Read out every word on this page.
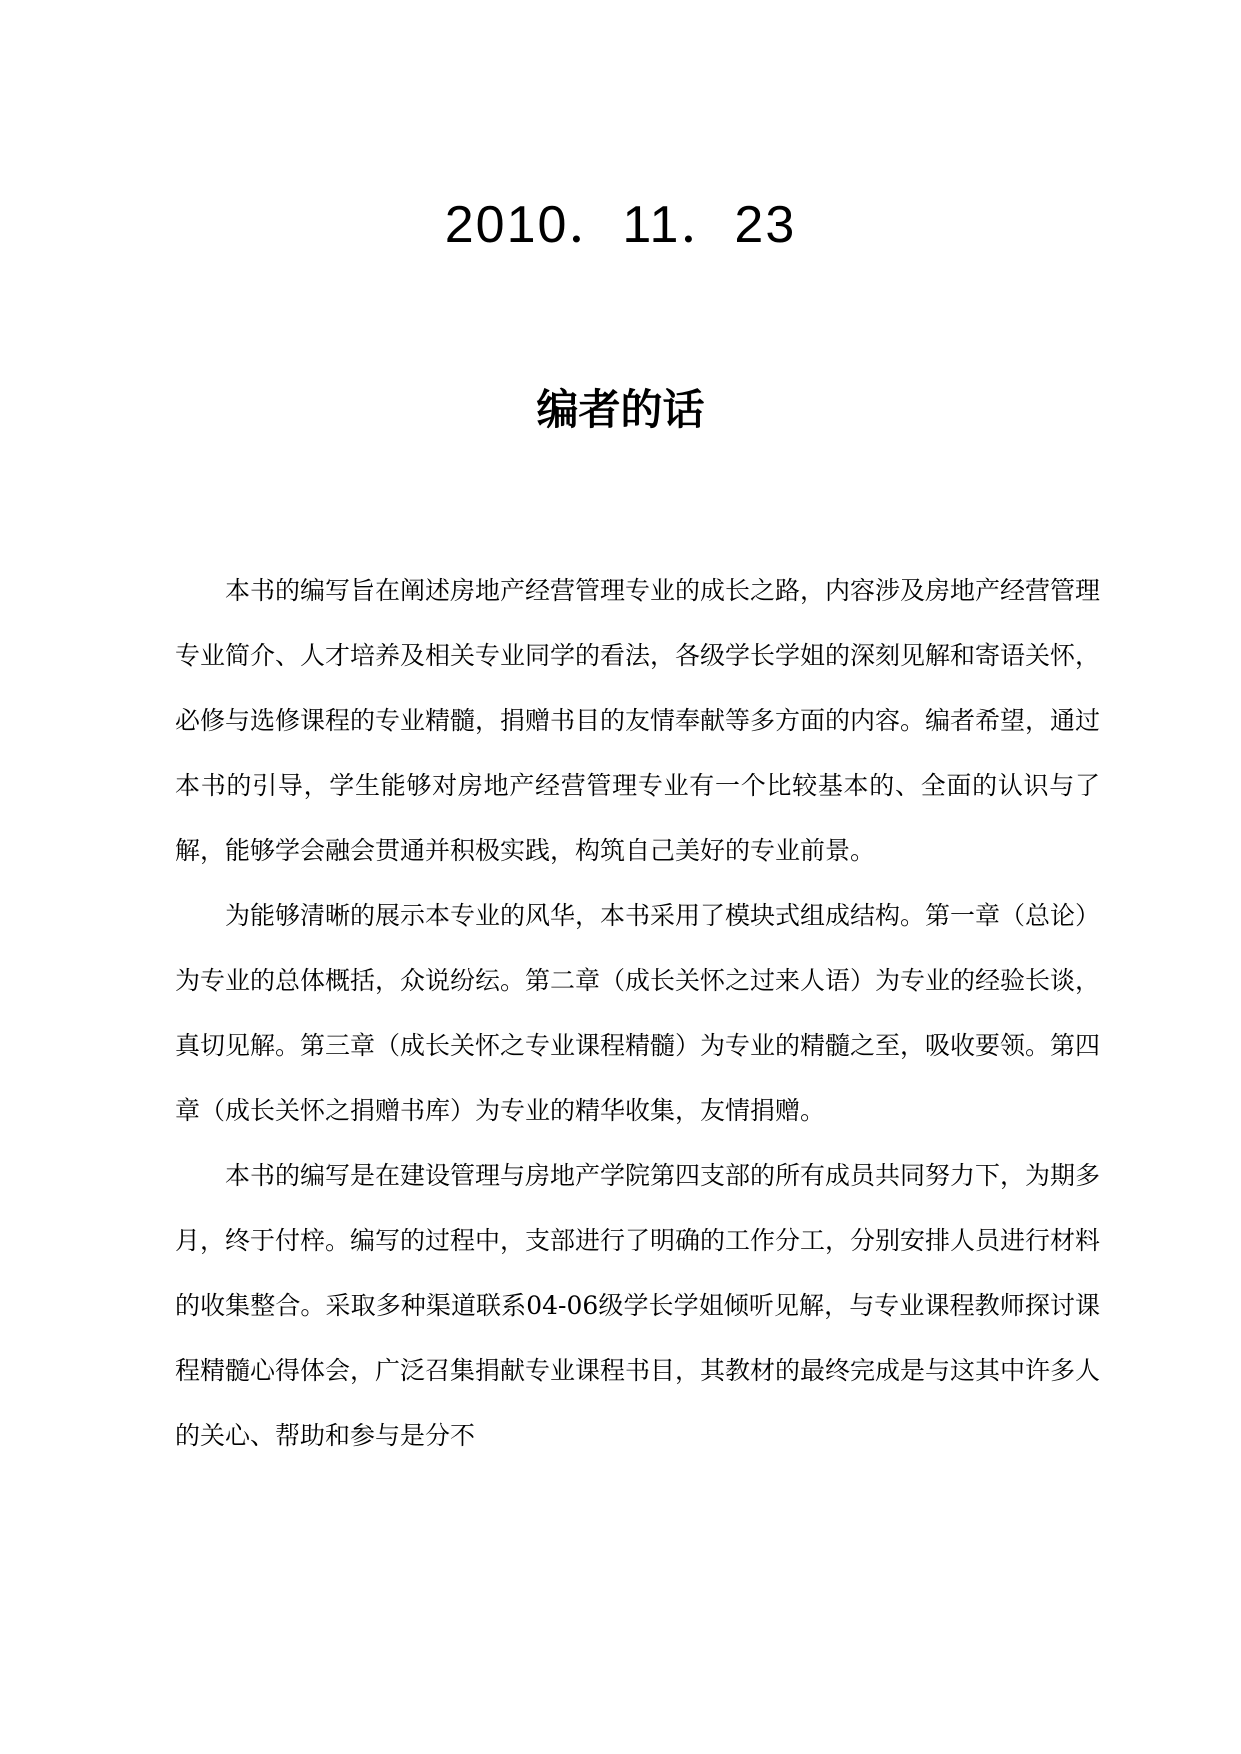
2010．11．23
编者的话

本书的编写旨在阐述房地产经营管理专业的成长之路，内容涉及房地产经营管理专业简介、人才培养及相关专业同学的看法，各级学长学姐的深刻见解和寄语关怀，必修与选修课程的专业精髓，捐赠书目的友情奉献等多方面的内容。编者希望，通过本书的引导，学生能够对房地产经营管理专业有一个比较基本的、全面的认识与了解，能够学会融会贯通并积极实践，构筑自己美好的专业前景。

为能够清晰的展示本专业的风华，本书采用了模块式组成结构。第一章（总论）为专业的总体概括，众说纷纭。第二章（成长关怀之过来人语）为专业的经验长谈，真切见解。第三章（成长关怀之专业课程精髓）为专业的精髓之至，吸收要领。第四章（成长关怀之捐赠书库）为专业的精华收集，友情捐赠。

本书的编写是在建设管理与房地产学院第四支部的所有成员共同努力下，为期多月，终于付梓。编写的过程中，支部进行了明确的工作分工，分别安排人员进行材料的收集整合。采取多种渠道联系04-06级学长学姐倾听见解，与专业课程教师探讨课程精髓心得体会，广泛召集捐献专业课程书目，其教材的最终完成是与这其中许多人的关心、帮助和参与是分不
